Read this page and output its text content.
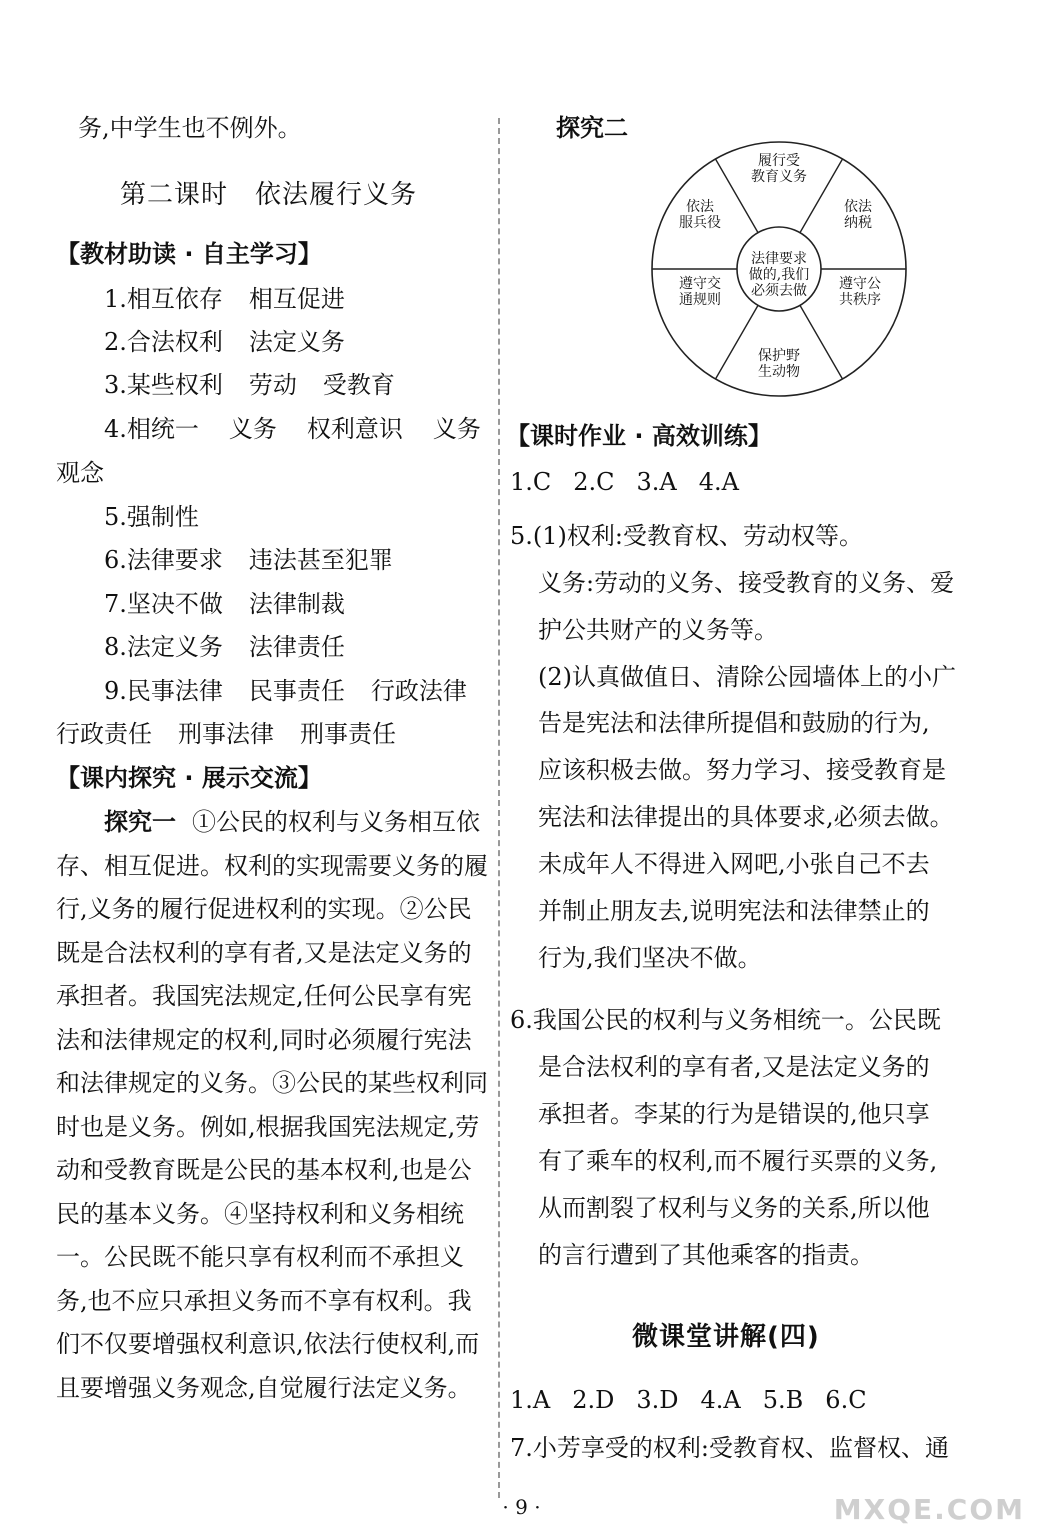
务,中学生也不例外。
第二课时　依法履行义务
【教材助读 · 自主学习】
1.相互依存 相互促进
2.合法权利 法定义务
3.某些权利 劳动 受教育
4.相统一 义务 权利意识 义务
观念
5.强制性
6.法律要求 违法甚至犯罪
7.坚决不做 法律制裁
8.法定义务 法律责任
9.民事法律 民事责任 行政法律
行政责任 刑事法律 刑事责任
【课内探究 · 展示交流】
探究一 ①公民的权利与义务相互依
存、相互促进。权利的实现需要义务的履
行,义务的履行促进权利的实现。②公民
既是合法权利的享有者,又是法定义务的
承担者。我国宪法规定,任何公民享有宪
法和法律规定的权利,同时必须履行宪法
和法律规定的义务。③公民的某些权利同
时也是义务。例如,根据我国宪法规定,劳
动和受教育既是公民的基本权利,也是公
民的基本义务。④坚持权利和义务相统
一。公民既不能只享有权利而不承担义
务,也不应只承担义务而不享有权利。我
们不仅要增强权利意识,依法行使权利,而
且要增强义务观念,自觉履行法定义务。
探究二
法律要求
做的,我们
必须去做
履行受
教育义务
依法
纳税
遵守公
共秩序
保护野
生动物
遵守交
通规则
依法
服兵役
【课时作业 · 高效训练】
1.C 2.C 3.A 4.A
5.(1)权利:受教育权、劳动权等。
义务:劳动的义务、接受教育的义务、爱
护公共财产的义务等。
(2)认真做值日、清除公园墙体上的小广
告是宪法和法律所提倡和鼓励的行为,
应该积极去做。努力学习、接受教育是
宪法和法律提出的具体要求,必须去做。
未成年人不得进入网吧,小张自己不去
并制止朋友去,说明宪法和法律禁止的
行为,我们坚决不做。
6.我国公民的权利与义务相统一。公民既
是合法权利的享有者,又是法定义务的
承担者。李某的行为是错误的,他只享
有了乘车的权利,而不履行买票的义务,
从而割裂了权利与义务的关系,所以他
的言行遭到了其他乘客的指责。
微课堂讲解(四)
1.A 2.D 3.D 4.A 5.B 6.C
7.小芳享受的权利:受教育权、监督权、通
· 9 ·	MXQE.COM
